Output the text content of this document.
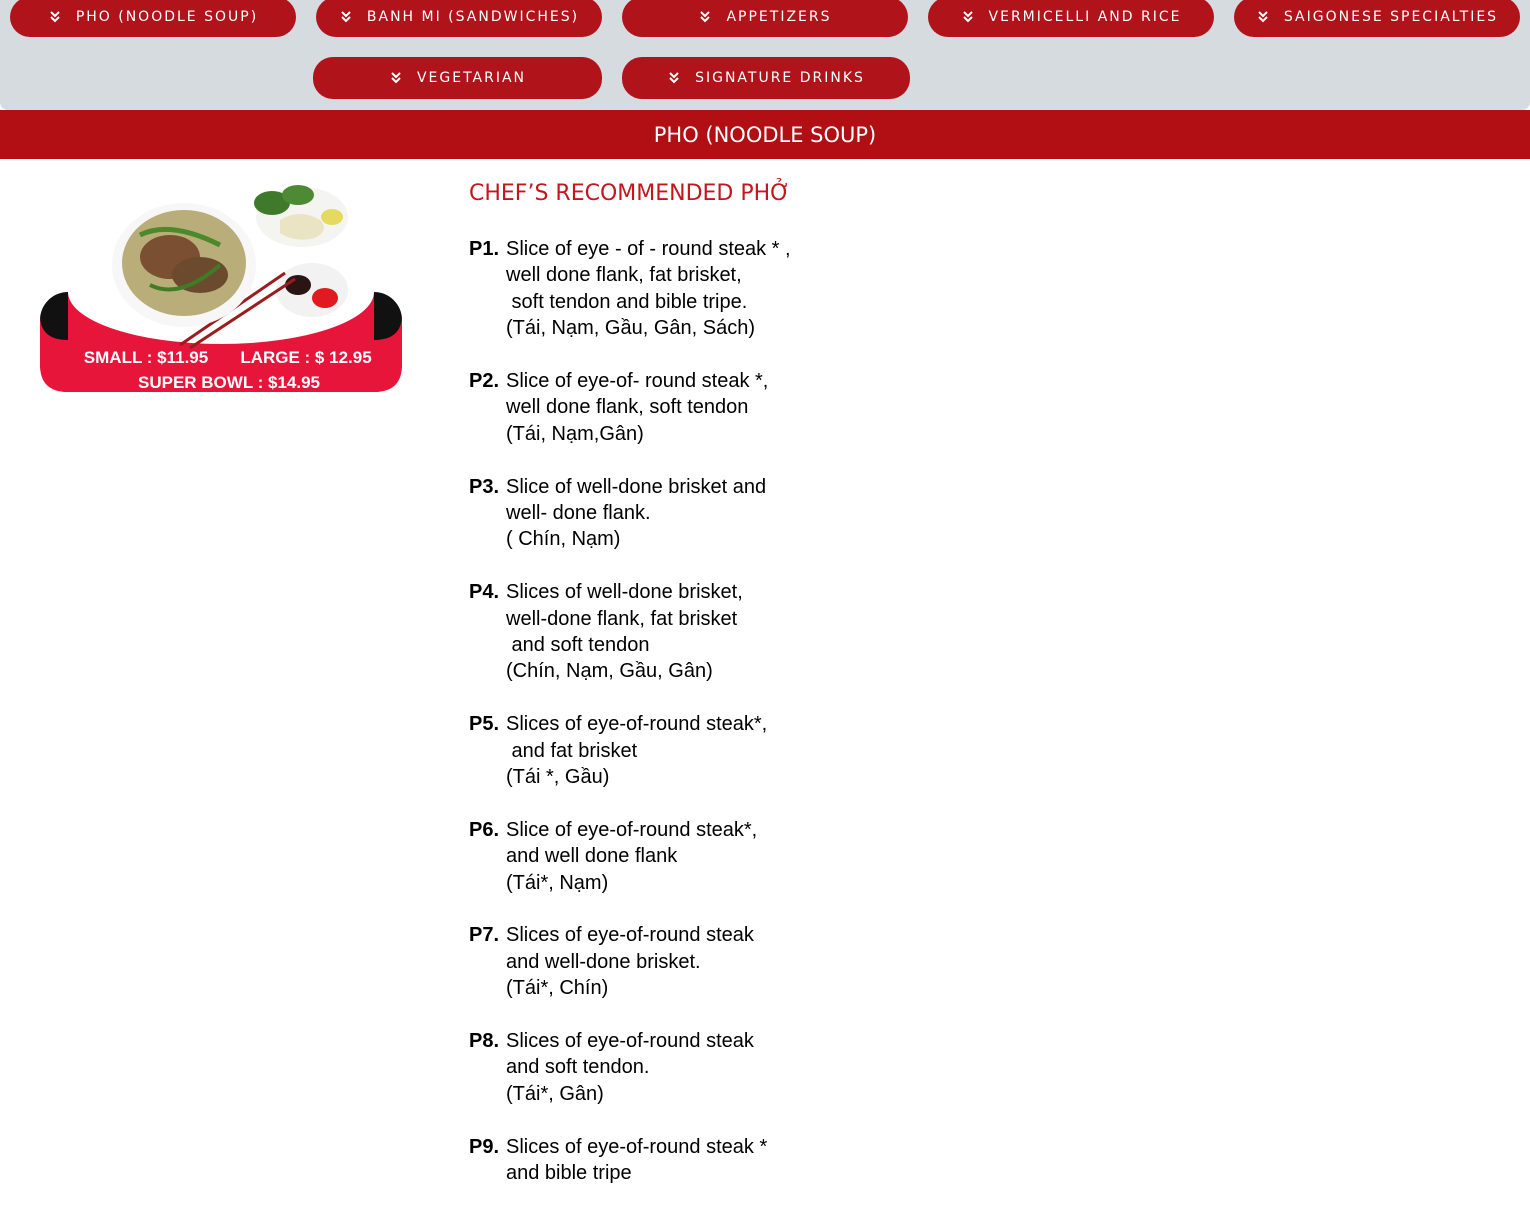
PHO (NOODLE SOUP)	BANH MI (SANDWICHES)	APPETIZERS	VERMICELLI AND RICE	SAIGONESE SPECIALTIES
VEGETARIAN	SIGNATURE DRINKS
PHO (NOODLE SOUP)
SMALL : $11.95 LARGE : $ 12.95
SUPER BOWL : $14.95
CHEF’S RECOMMENDED PHỞ
P1. Slice of eye - of - round steak * ,
well done flank, fat brisket,
soft tendon and bible tripe.
(Tái, Nạm, Gầu, Gân, Sách)
P2. Slice of eye-of- round steak *,
well done flank, soft tendon
(Tái, Nạm,Gân)
P3. Slice of well-done brisket and
well- done flank.
( Chín, Nạm)
P4. Slices of well-done brisket,
well-done flank, fat brisket
and soft tendon
(Chín, Nạm, Gầu, Gân)
P5. Slices of eye-of-round steak*,
and fat brisket
(Tái *, Gầu)
P6. Slice of eye-of-round steak*,
and well done flank
(Tái*, Nạm)
P7. Slices of eye-of-round steak
and well-done brisket.
(Tái*, Chín)
P8. Slices of eye-of-round steak
and soft tendon.
(Tái*, Gân)
P9. Slices of eye-of-round steak *
and bible tripe
